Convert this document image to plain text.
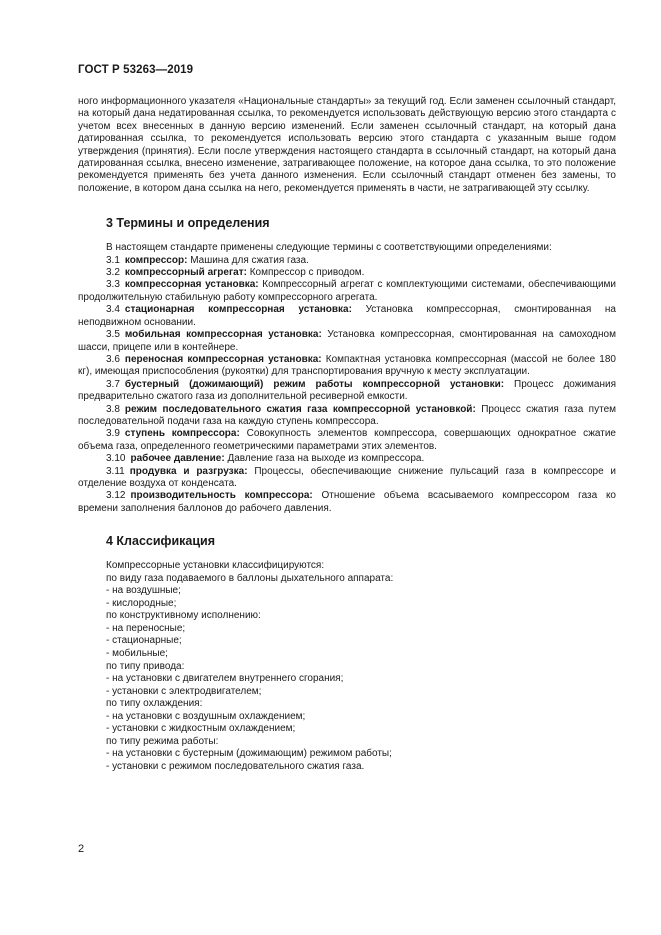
ГОСТ Р 53263—2019

ного информационного указателя «Национальные стандарты» за текущий год. Если заменен ссылочный стандарт, на который дана недатированная ссылка, то рекомендуется использовать действующую версию этого стандарта с учетом всех внесенных в данную версию изменений. Если заменен ссылочный стандарт, на который дана датированная ссылка, то рекомендуется использовать версию этого стандарта с указанным выше годом утверждения (принятия). Если после утверждения настоящего стандарта в ссылочный стандарт, на который дана датированная ссылка, внесено изменение, затрагивающее положение, на которое дана ссылка, то это положение рекомендуется применять без учета данного изменения. Если ссылочный стандарт отменен без замены, то положение, в котором дана ссылка на него, рекомендуется применять в части, не затрагивающей эту ссылку.

3 Термины и определения

В настоящем стандарте применены следующие термины с соответствующими определениями:

3.1 компрессор: Машина для сжатия газа.

3.2 компрессорный агрегат: Компрессор с приводом.

3.3 компрессорная установка: Компрессорный агрегат с комплектующими системами, обеспечивающими продолжительную стабильную работу компрессорного агрегата.

3.4 стационарная компрессорная установка: Установка компрессорная, смонтированная на неподвижном основании.

3.5 мобильная компрессорная установка: Установка компрессорная, смонтированная на самоходном шасси, прицепе или в контейнере.

3.6 переносная компрессорная установка: Компактная установка компрессорная (массой не более 180 кг), имеющая приспособления (рукоятки) для транспортирования вручную к месту эксплуатации.

3.7 бустерный (дожимающий) режим работы компрессорной установки: Процесс дожимания предварительно сжатого газа из дополнительной ресиверной емкости.

3.8 режим последовательного сжатия газа компрессорной установкой: Процесс сжатия газа путем последовательной подачи газа на каждую ступень компрессора.

3.9 ступень компрессора: Совокупность элементов компрессора, совершающих однократное сжатие объема газа, определенного геометрическими параметрами этих элементов.

3.10 рабочее давление: Давление газа на выходе из компрессора.

3.11 продувка и разгрузка: Процессы, обеспечивающие снижение пульсаций газа в компрессоре и отделение воздуха от конденсата.

3.12 производительность компрессора: Отношение объема всасываемого компрессором газа ко времени заполнения баллонов до рабочего давления.

4 Классификация

Компрессорные установки классифицируются:

по виду газа подаваемого в баллоны дыхательного аппарата:

- на воздушные;

- кислородные;

по конструктивному исполнению:

- на переносные;

- стационарные;

- мобильные;

по типу привода:

- на установки с двигателем внутреннего сгорания;

- установки с электродвигателем;

по типу охлаждения:

- на установки с воздушным охлаждением;

- установки с жидкостным охлаждением;

по типу режима работы:

- на установки с бустерным (дожимающим) режимом работы;

- установки с режимом последовательного сжатия газа.

2
